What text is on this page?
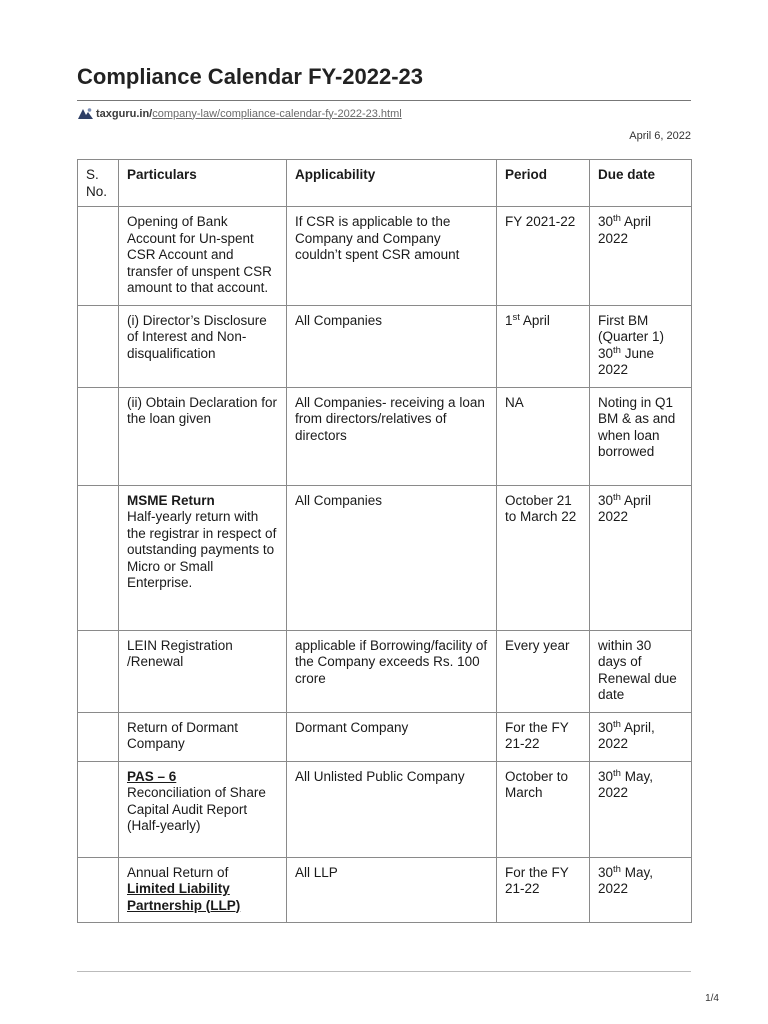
Compliance Calendar FY-2022-23
taxguru.in/ company-law/compliance-calendar-fy-2022-23.html
April 6, 2022
S. No.	Particulars	Applicability	Period	Due date
	Opening of Bank Account for Un-spent CSR Account and transfer of unspent CSR amount to that account.	If CSR is applicable to the Company and Company couldn’t spent CSR amount	FY 2021-22	30th April 2022
	(i) Director’s Disclosure of Interest and Non-disqualification	All Companies	1st April	First BM (Quarter 1) 30th June 2022
	(ii) Obtain Declaration for the loan given	All Companies- receiving a loan from directors/relatives of directors	NA	Noting in Q1 BM & as and when loan borrowed

	MSME Return
Half-yearly return with the registrar in respect of outstanding payments to Micro or Small Enterprise.	All Companies	October 21   to March 22	30th April 2022
	LEIN Registration /Renewal	applicable if Borrowing/facility of the Company exceeds Rs. 100 crore	Every year	within 30 days of Renewal due date
	Return of Dormant Company	Dormant Company	For the FY 21-22	30th April, 2022

	PAS – 6
Reconciliation of Share Capital Audit Report (Half-yearly)	All Unlisted Public Company	October to March	30th May, 2022
	Annual Return of Limited Liability Partnership (LLP)	All LLP	For the FY 21-22	30th May, 2022
1/4
